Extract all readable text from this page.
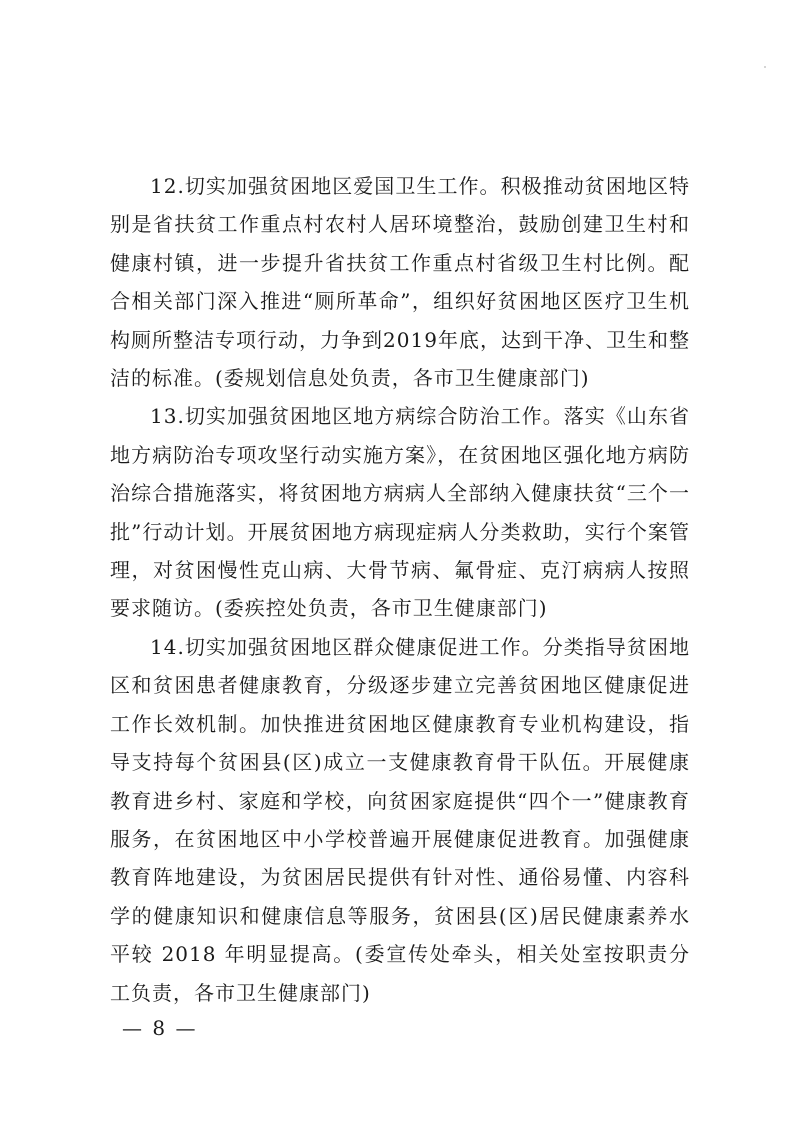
12.切实加强贫困地区爱国卫生工作。积极推动贫困地区特别是省扶贫工作重点村农村人居环境整治，鼓励创建卫生村和健康村镇，进一步提升省扶贫工作重点村省级卫生村比例。配合相关部门深入推进“厕所革命”，组织好贫困地区医疗卫生机构厕所整洁专项行动，力争到2019年底，达到干净、卫生和整洁的标准。(委规划信息处负责，各市卫生健康部门)

13.切实加强贫困地区地方病综合防治工作。落实《山东省地方病防治专项攻坚行动实施方案》，在贫困地区强化地方病防治综合措施落实，将贫困地方病病人全部纳入健康扶贫“三个一批”行动计划。开展贫困地方病现症病人分类救助，实行个案管理，对贫困慢性克山病、大骨节病、氟骨症、克汀病病人按照要求随访。(委疾控处负责，各市卫生健康部门)

14.切实加强贫困地区群众健康促进工作。分类指导贫困地区和贫困患者健康教育，分级逐步建立完善贫困地区健康促进工作长效机制。加快推进贫困地区健康教育专业机构建设，指导支持每个贫困县(区)成立一支健康教育骨干队伍。开展健康教育进乡村、家庭和学校，向贫困家庭提供“四个一”健康教育服务，在贫困地区中小学校普遍开展健康促进教育。加强健康教育阵地建设，为贫困居民提供有针对性、通俗易懂、内容科学的健康知识和健康信息等服务，贫困县(区)居民健康素养水平较 2018 年明显提高。(委宣传处牵头，相关处室按职责分工负责，各市卫生健康部门)

— 8 —
